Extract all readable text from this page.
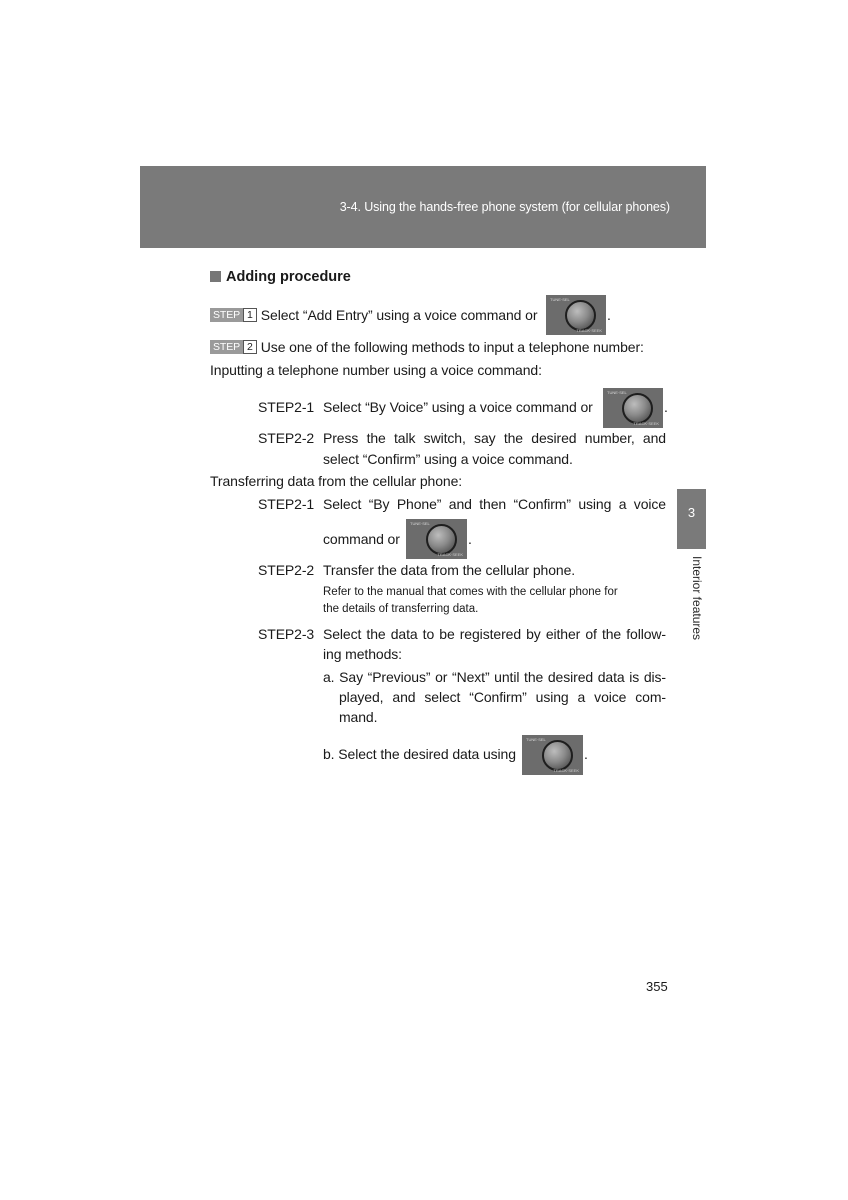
3-4. Using the hands-free phone system (for cellular phones)
3
Interior features
Adding procedure
STEP 1 Select “Add Entry” using a voice command or
TUNE·SEL
TRACK·SEEK
.
STEP 2 Use one of the following methods to input a telephone number:
Inputting a telephone number using a voice command:
STEP2-1 Select “By Voice” using a voice command or
TUNE·SEL
TRACK·SEEK
.
STEP2-2 Press the talk switch, say the desired number, and
select “Confirm” using a voice command.
Transferring data from the cellular phone:
STEP2-1 Select “By Phone” and then “Confirm” using a voice
command or
TUNE·SEL
TRACK·SEEK
.
STEP2-2 Transfer the data from the cellular phone.
Refer to the manual that comes with the cellular phone for
the details of transferring data.
STEP2-3 Select the data to be registered by either of the follow-
ing methods:
a. Say “Previous” or “Next” until the desired data is dis-
played, and select “Confirm” using a voice com-
mand.
b. Select the desired data using
TUNE·SEL
TRACK·SEEK
.
355
